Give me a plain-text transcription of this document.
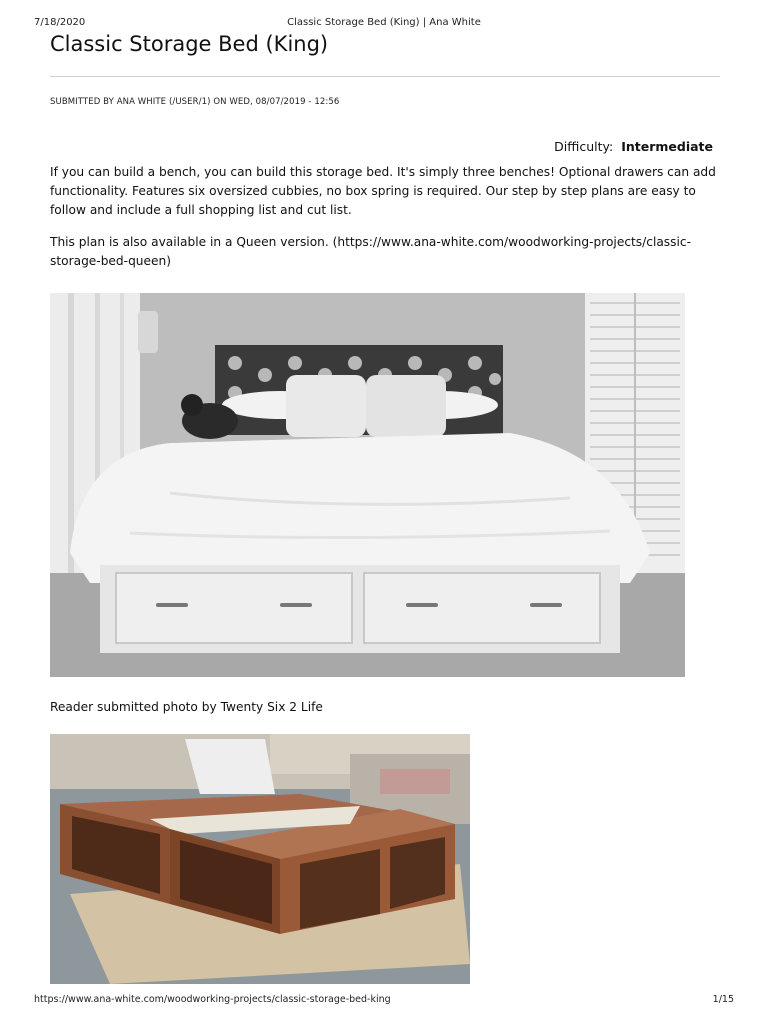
7/18/2020	Classic Storage Bed (King) | Ana White
Classic Storage Bed (King)
SUBMITTED BY ANA WHITE (/USER/1) ON WED, 08/07/2019 - 12:56
Difficulty: Intermediate

If you can build a bench, you can build this storage bed. It's simply three benches! Optional drawers can add functionality. Features six oversized cubbies, no box spring is required. Our step by step plans are easy to follow and include a full shopping list and cut list.

This plan is also available in a Queen version. (https://www.ana-white.com/woodworking-projects/classic-storage-bed-queen)

Reader submitted photo by Twenty Six 2 Life
https://www.ana-white.com/woodworking-projects/classic-storage-bed-king	1/15
